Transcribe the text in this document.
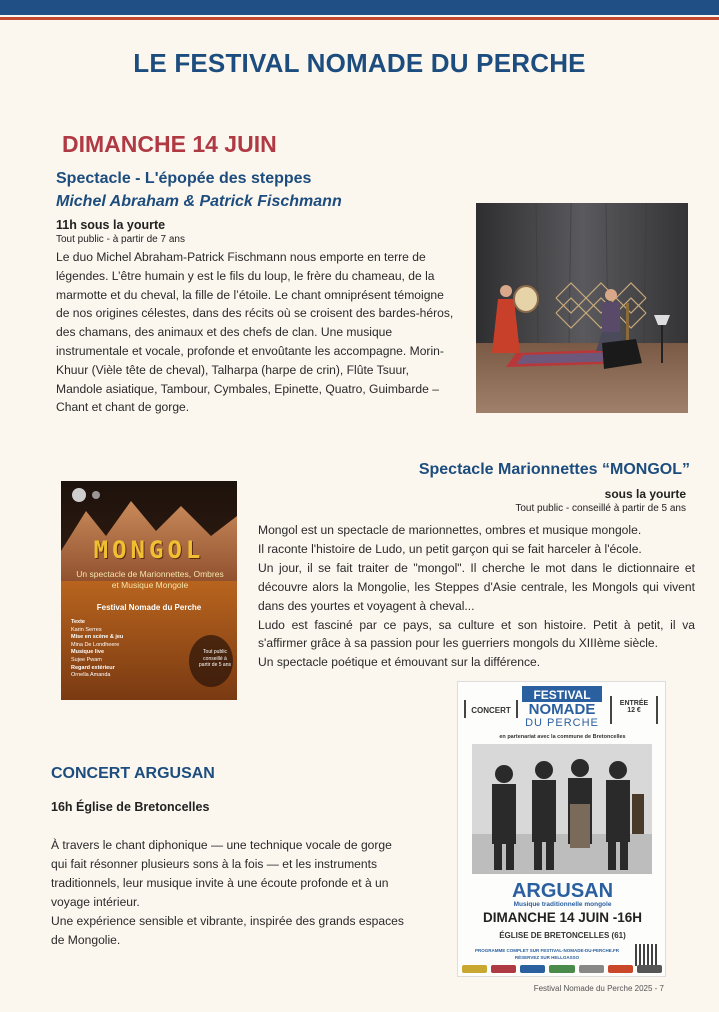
LE FESTIVAL NOMADE DU PERCHE
DIMANCHE 14 JUIN
Spectacle - L'épopée des steppes
Michel Abraham & Patrick Fischmann
11h sous la yourte
Tout public - à partir de 7 ans
Le duo Michel Abraham-Patrick Fischmann nous emporte en terre de légendes. L’être humain y est le fils du loup, le frère du chameau, de la marmotte et du cheval, la fille de l’étoile. Le chant omniprésent témoigne de nos origines célestes, dans des récits où se croisent des bardes-héros, des chamans, des animaux et des chefs de clan. Une musique instrumentale et vocale, profonde et envoûtante les accompagne. Morin-Khuur (Vièle tête de cheval), Talharpa (harpe de crin), Flûte Tsuur, Mandole asiatique, Tambour, Cymbales, Epinette, Quatro, Guimbarde – Chant et chant de gorge.
Spectacle Marionnettes “MONGOL”
sous la yourte
Tout public - conseillé à partir de 5 ans

Mongol est un spectacle de marionnettes, ombres et musique mongole.

Il raconte l'histoire de Ludo, un petit garçon qui se fait harceler à l'école.

Un jour, il se fait traiter de "mongol". Il cherche le mot dans le dictionnaire et découvre alors la Mongolie, les Steppes d'Asie centrale, les Mongols qui vivent dans des yourtes et voyagent à cheval...

Ludo est fasciné par ce pays, sa culture et son histoire. Petit à petit, il va s'affirmer grâce à sa passion pour les guerriers mongols du XIIIème siècle.

Un spectacle poétique et émouvant sur la différence.

MONGOL
Un spectacle de Marionnettes, Ombres et Musique Mongole
Festival Nomade du Perche
Texte
Karin Serres
Mise en scène & jeu
Mina De Londheere
Musique live
Sujee Pwam
Regard extérieur
Ornella Amanda
Tout public conseillé à partir de 5 ans
CONCERT ARGUSAN
16h Église de Bretoncelles

À travers le chant diphonique — une technique vocale de gorge qui fait résonner plusieurs sons à la fois — et les instruments traditionnels, leur musique invite à une écoute profonde et à un voyage intérieur.

Une expérience sensible et vibrante, inspirée des grands espaces de Mongolie.

CONCERT
FESTIVAL
NOMADE
DU PERCHE
ENTRÉE
12 €
en partenariat avec la commune de Bretoncelles
ARGUSAN
Musique traditionnelle mongole
DIMANCHE 14 JUIN -16H
ÉGLISE DE BRETONCELLES (61)
PROGRAMME COMPLET SUR FESTIVAL-NOMADE-DU-PERCHE.FR
RÉSERVEZ SUR HELLOASSO
Festival Nomade du Perche 2025 - 7
